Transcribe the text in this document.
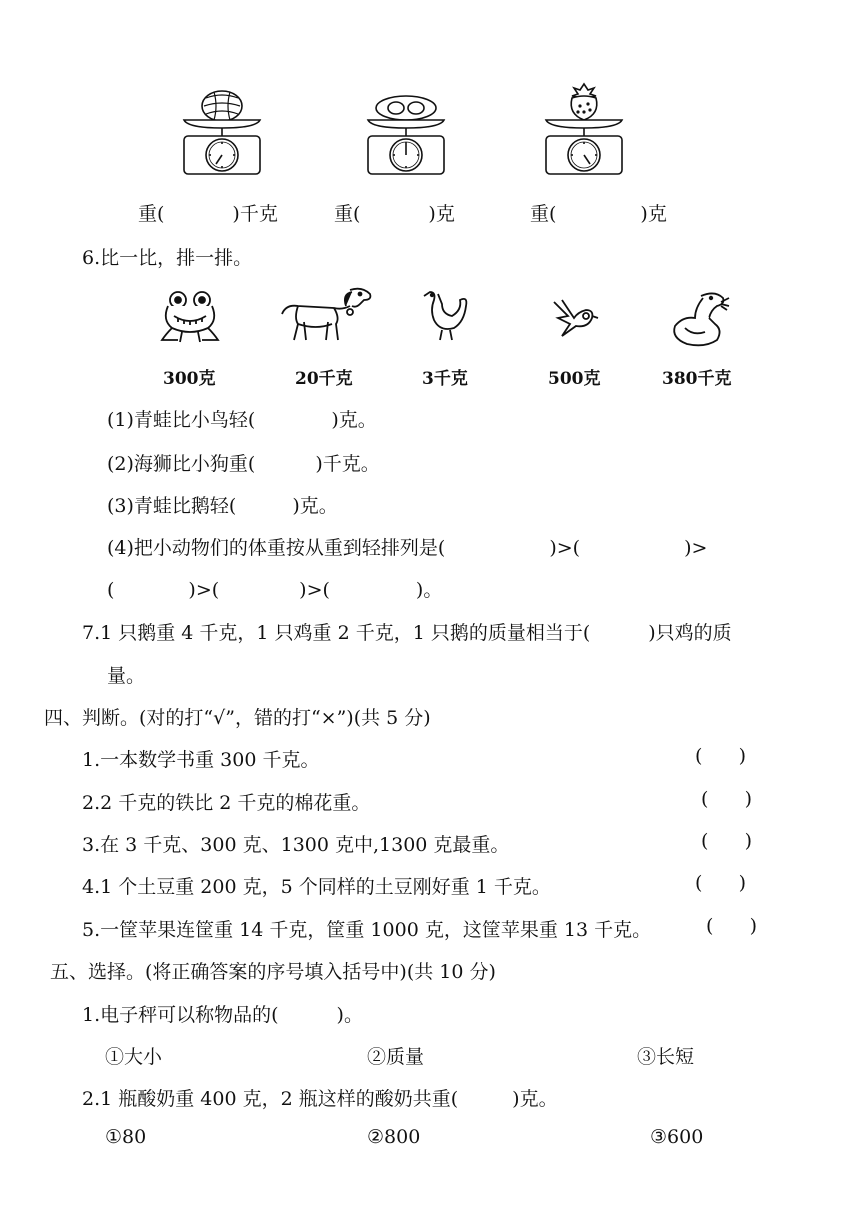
重(	)千克	重(	)克	重(	)克
6.比一比，排一排。
300克	20千克	3千克	500克	380千克
(1)青蛙比小鸟轻(	)克。
(2)海狮比小狗重(	)千克。
(3)青蛙比鹅轻(	)克。
(4)把小动物们的体重按从重到轻排列是(	)>(	)>
(	)>(	)>(	)。
7.1 只鹅重 4 千克，1 只鸡重 2 千克，1 只鹅的质量相当于(	)只鸡的质
量。
四、判断。(对的打“√”，错的打“×”)(共 5 分)
1.一本数学书重 300 千克。	(      )
2.2 千克的铁比 2 千克的棉花重。	(      )
3.在 3 千克、300 克、1300 克中,1300 克最重。	(      )
4.1 个土豆重 200 克，5 个同样的土豆刚好重 1 千克。	(      )
5.一筐苹果连筐重 14 千克，筐重 1000 克，这筐苹果重 13 千克。	(      )
五、选择。(将正确答案的序号填入括号中)(共 10 分)
1.电子秤可以称物品的(	)。
①大小	②质量	③长短
2.1 瓶酸奶重 400 克，2 瓶这样的酸奶共重(	)克。
①80	②800	③600
